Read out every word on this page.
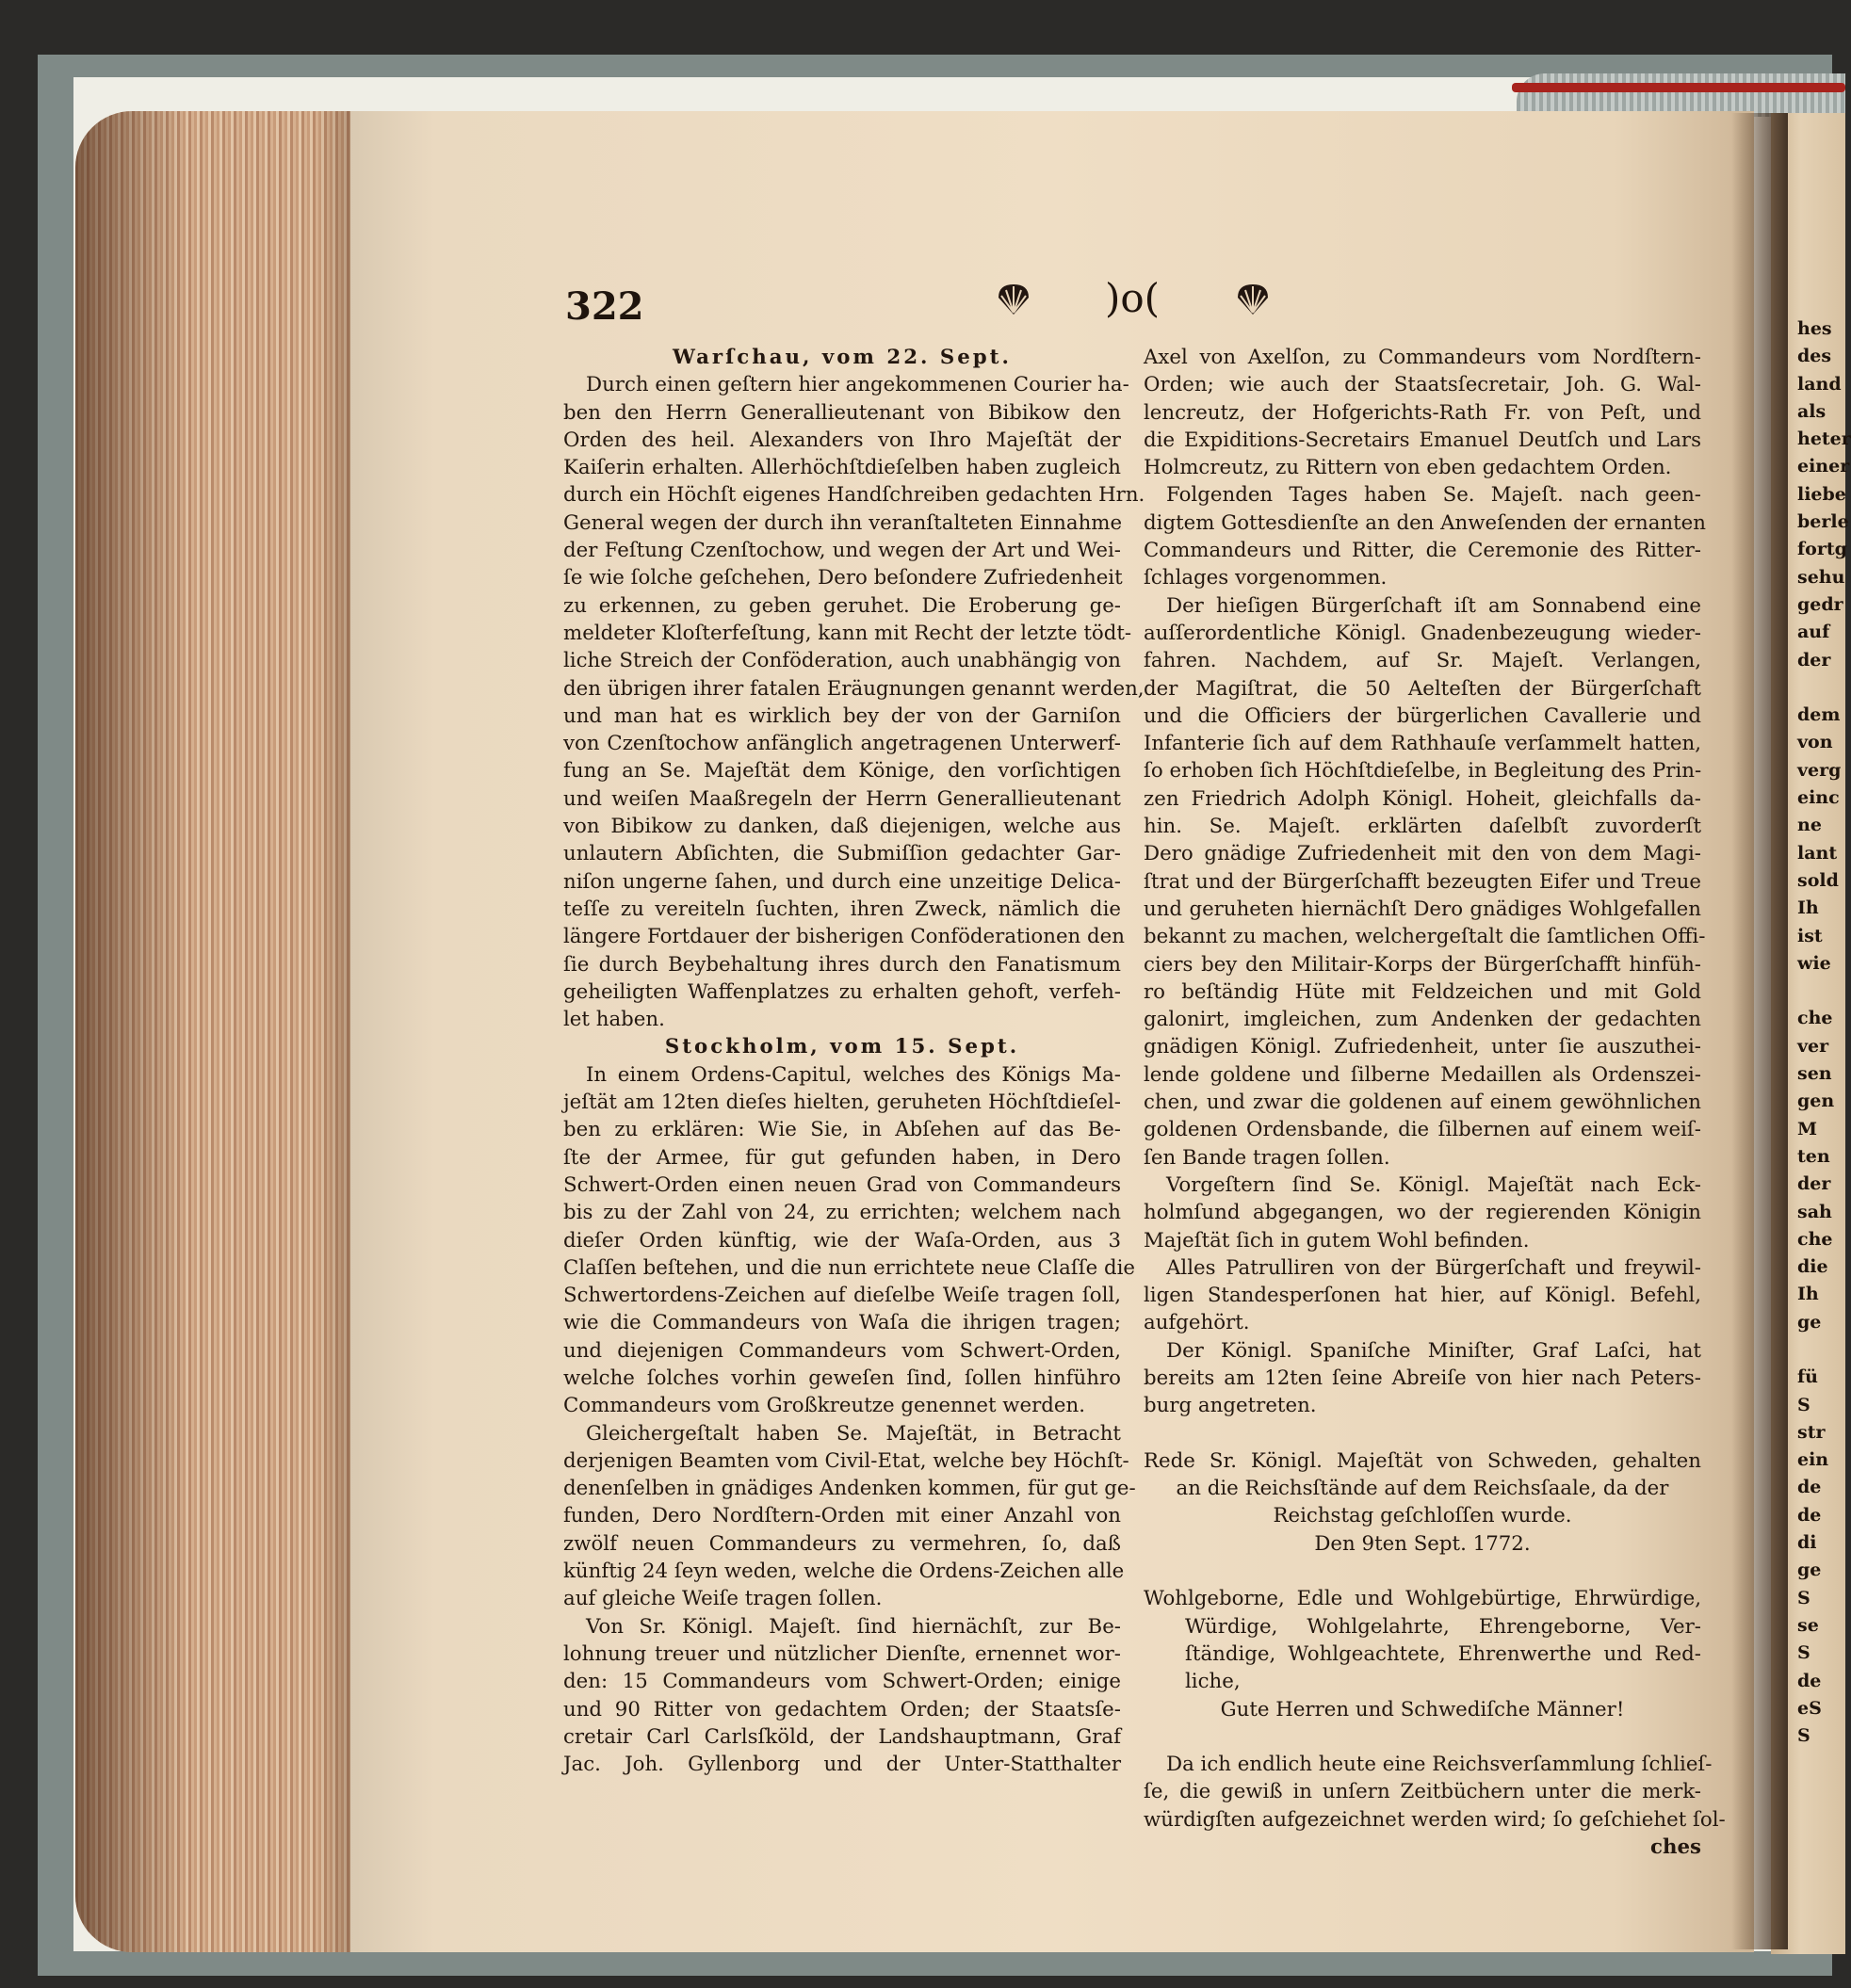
322	)o(
Warſchau, vom 22. Sept.
Durch einen geſtern hier angekommenen Courier ha-
ben den Herrn Generallieutenant von Bibikow den
Orden des heil. Alexanders von Ihro Majeſtät der
Kaiſerin erhalten. Allerhöchſtdieſelben haben zugleich
durch ein Höchſt eigenes Handſchreiben gedachten Hrn.
General wegen der durch ihn veranſtalteten Einnahme
der Feſtung Czenſtochow, und wegen der Art und Wei-
ſe wie ſolche geſchehen, Dero beſondere Zufriedenheit
zu erkennen, zu geben geruhet. Die Eroberung ge-
meldeter Kloſterfeſtung, kann mit Recht der letzte tödt-
liche Streich der Conföderation, auch unabhängig von
den übrigen ihrer fatalen Eräugnungen genannt werden,
und man hat es wirklich bey der von der Garniſon
von Czenſtochow anfänglich angetragenen Unterwerf-
fung an Se. Majeſtät dem Könige, den vorſichtigen
und weiſen Maaßregeln der Herrn Generallieutenant
von Bibikow zu danken, daß diejenigen, welche aus
unlautern Abſichten, die Submiſſion gedachter Gar-
niſon ungerne ſahen, und durch eine unzeitige Delica-
teſſe zu vereiteln ſuchten, ihren Zweck, nämlich die
längere Fortdauer der bisherigen Conföderationen den
ſie durch Beybehaltung ihres durch den Fanatismum
geheiligten Waffenplatzes zu erhalten gehoft, verfeh-
let haben.
Stockholm, vom 15. Sept.
In einem Ordens-Capitul, welches des Königs Ma-
jeſtät am 12ten dieſes hielten, geruheten Höchſtdieſel-
ben zu erklären: Wie Sie, in Abſehen auf das Be-
ſte der Armee, für gut gefunden haben, in Dero
Schwert-Orden einen neuen Grad von Commandeurs
bis zu der Zahl von 24, zu errichten; welchem nach
dieſer Orden künftig, wie der Waſa-Orden, aus 3
Claſſen beſtehen, und die nun errichtete neue Claſſe die
Schwertordens-Zeichen auf dieſelbe Weiſe tragen ſoll,
wie die Commandeurs von Waſa die ihrigen tragen;
und diejenigen Commandeurs vom Schwert-Orden,
welche ſolches vorhin geweſen ſind, ſollen hinführo
Commandeurs vom Großkreutze genennet werden.
Gleichergeſtalt haben Se. Majeſtät, in Betracht
derjenigen Beamten vom Civil-Etat, welche bey Höchſt-
denenſelben in gnädiges Andenken kommen, für gut ge-
funden, Dero Nordſtern-Orden mit einer Anzahl von
zwölf neuen Commandeurs zu vermehren, ſo, daß
künftig 24 ſeyn weden, welche die Ordens-Zeichen alle
auf gleiche Weiſe tragen ſollen.
Von Sr. Königl. Majeſt. ſind hiernächſt, zur Be-
lohnung treuer und nützlicher Dienſte, ernennet wor-
den: 15 Commandeurs vom Schwert-Orden; einige
und 90 Ritter von gedachtem Orden; der Staatsſe-
cretair Carl Carlsſköld, der Landshauptmann, Graf
Jac. Joh. Gyllenborg und der Unter-Statthalter
Axel von Axelſon, zu Commandeurs vom Nordſtern-
Orden; wie auch der Staatsſecretair, Joh. G. Wal-
lencreutz, der Hofgerichts-Rath Fr. von Peſt, und
die Expiditions-Secretairs Emanuel Deutſch und Lars
Holmcreutz, zu Rittern von eben gedachtem Orden.
Folgenden Tages haben Se. Majeſt. nach geen-
digtem Gottesdienſte an den Anweſenden der ernanten
Commandeurs und Ritter, die Ceremonie des Ritter-
ſchlages vorgenommen.
Der hieſigen Bürgerſchaft iſt am Sonnabend eine
auſſerordentliche Königl. Gnadenbezeugung wieder-
fahren. Nachdem, auf Sr. Majeſt. Verlangen,
der Magiſtrat, die 50 Aelteſten der Bürgerſchaft
und die Officiers der bürgerlichen Cavallerie und
Infanterie ſich auf dem Rathhauſe verſammelt hatten,
ſo erhoben ſich Höchſtdieſelbe, in Begleitung des Prin-
zen Friedrich Adolph Königl. Hoheit, gleichfalls da-
hin. Se. Majeſt. erklärten daſelbſt zuvorderſt
Dero gnädige Zufriedenheit mit den von dem Magi-
ſtrat und der Bürgerſchafft bezeugten Eifer und Treue
und geruheten hiernächſt Dero gnädiges Wohlgefallen
bekannt zu machen, welchergeſtalt die ſamtlichen Offi-
ciers bey den Militair-Korps der Bürgerſchafft hinfüh-
ro beſtändig Hüte mit Feldzeichen und mit Gold
galonirt, imgleichen, zum Andenken der gedachten
gnädigen Königl. Zufriedenheit, unter ſie auszuthei-
lende goldene und ſilberne Medaillen als Ordenszei-
chen, und zwar die goldenen auf einem gewöhnlichen
goldenen Ordensbande, die ſilbernen auf einem weiſ-
ſen Bande tragen ſollen.
Vorgeſtern ſind Se. Königl. Majeſtät nach Eck-
holmſund abgegangen, wo der regierenden Königin
Majeſtät ſich in gutem Wohl befinden.
Alles Patrulliren von der Bürgerſchaft und freywil-
ligen Standesperſonen hat hier, auf Königl. Befehl,
aufgehört.
Der Königl. Spaniſche Miniſter, Graf Laſci, hat
bereits am 12ten ſeine Abreiſe von hier nach Peters-
burg angetreten.
Rede Sr. Königl. Majeſtät von Schweden, gehalten
an die Reichsſtände auf dem Reichsſaale, da der
Reichstag geſchloſſen wurde.
Den 9ten Sept. 1772.
Wohlgeborne, Edle und Wohlgebürtige, Ehrwürdige,
Würdige, Wohlgelahrte, Ehrengeborne, Ver-
ſtändige, Wohlgeachtete, Ehrenwerthe und Red-
liche,
Gute Herren und Schwediſche Männer!
Da ich endlich heute eine Reichsverſammlung ſchlieſ-
ſe, die gewiß in unſern Zeitbüchern unter die merk-
würdigſten aufgezeichnet werden wird; ſo geſchiehet ſol-
ches
hes
des
land
als
heter
einer
liebe
berle
fortg
sehu
gedr
auf
der
dem
von
verg
einc
ne
lant
sold
Ih
ist
wie
che
ver
sen
gen
M
ten
der
sah
che
die
Ih
ge
fü
S
str
ein
de
de
di
ge
S
se
S
de
eS
S
